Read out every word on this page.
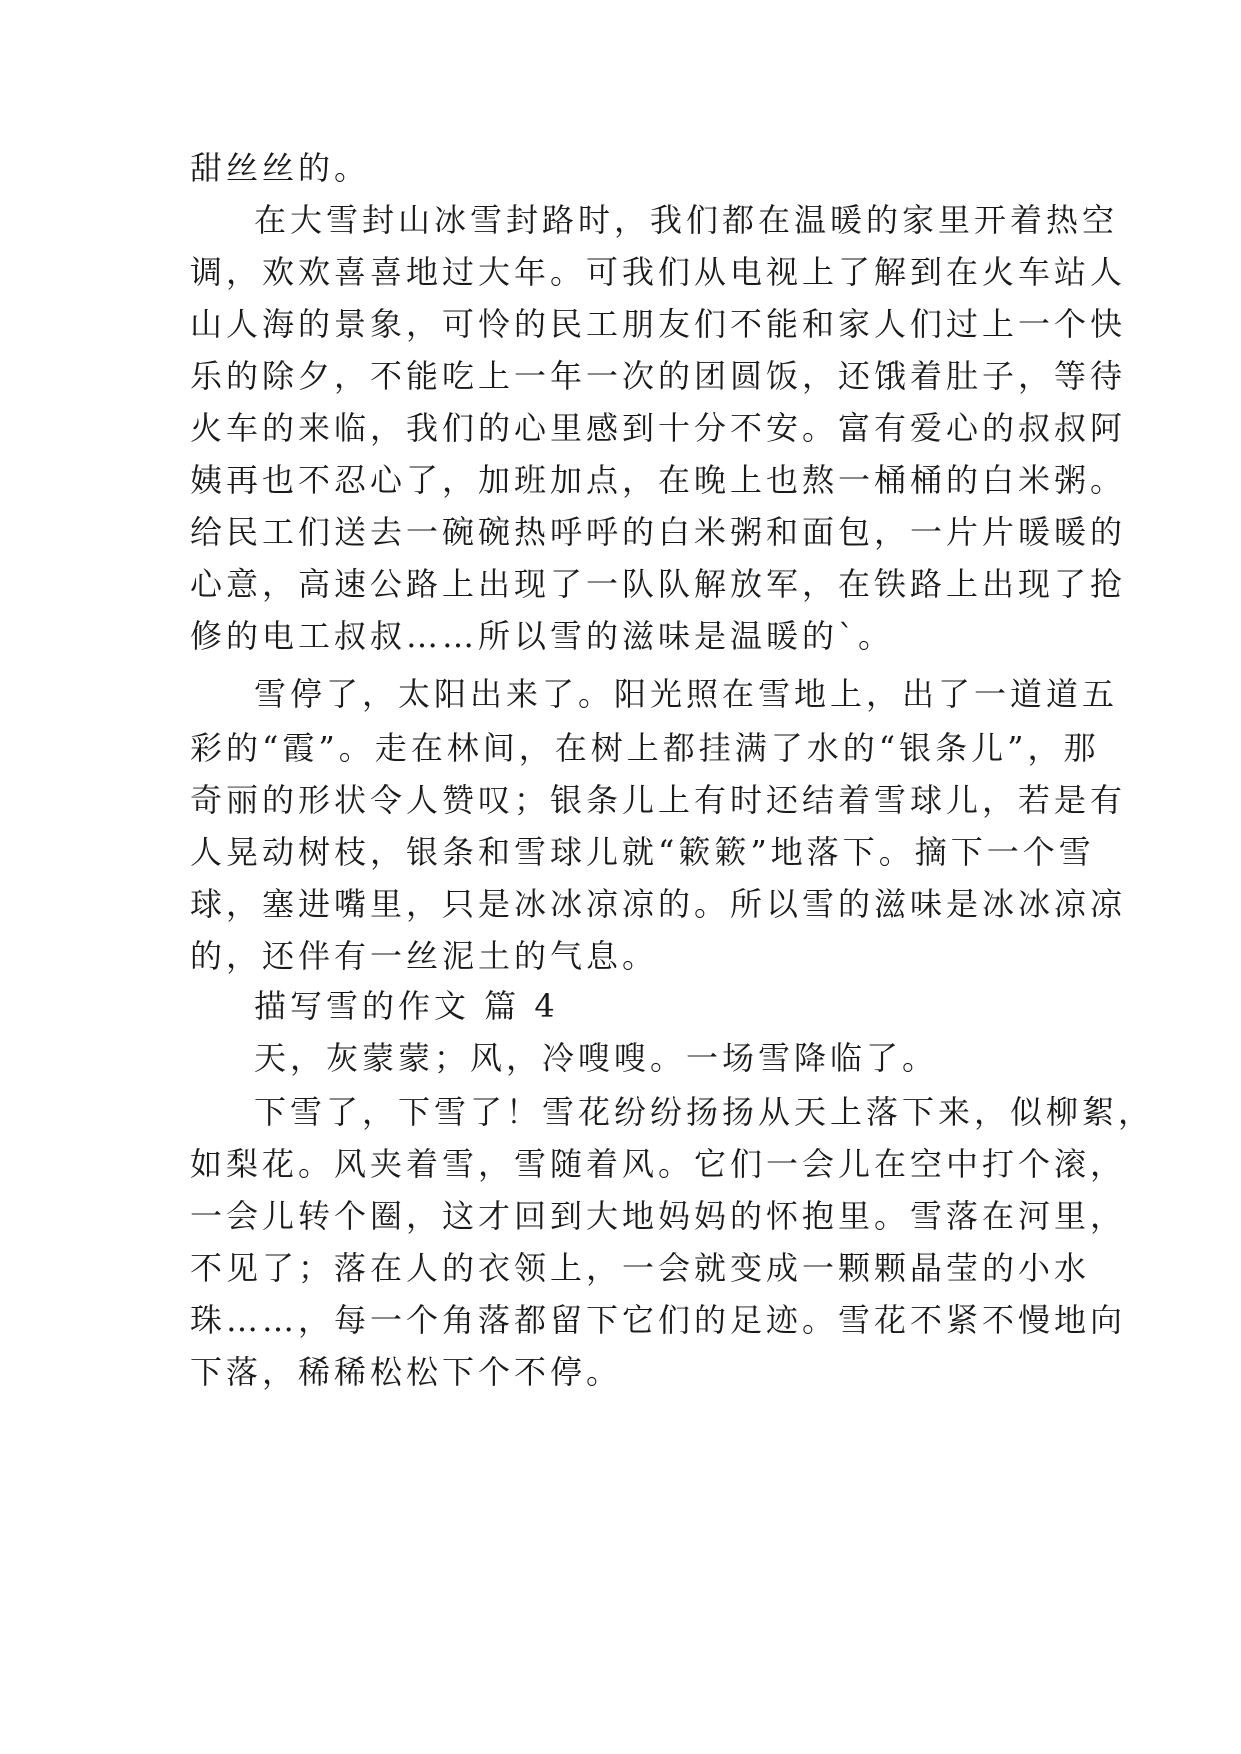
甜丝丝的。
在大雪封山冰雪封路时，我们都在温暖的家里开着热空
调，欢欢喜喜地过大年。可我们从电视上了解到在火车站人
山人海的景象，可怜的民工朋友们不能和家人们过上一个快
乐的除夕，不能吃上一年一次的团圆饭，还饿着肚子，等待
火车的来临，我们的心里感到十分不安。富有爱心的叔叔阿
姨再也不忍心了，加班加点，在晚上也熬一桶桶的白米粥。
给民工们送去一碗碗热呼呼的白米粥和面包，一片片暖暖的
心意，高速公路上出现了一队队解放军，在铁路上出现了抢
修的电工叔叔……所以雪的滋味是温暖的`。
雪停了，太阳出来了。阳光照在雪地上，出了一道道五
彩的“霞”。走在林间，在树上都挂满了水的“银条儿”，那
奇丽的形状令人赞叹；银条儿上有时还结着雪球儿，若是有
人晃动树枝，银条和雪球儿就“簌簌”地落下。摘下一个雪
球，塞进嘴里，只是冰冰凉凉的。所以雪的滋味是冰冰凉凉
的，还伴有一丝泥土的气息。
描写雪的作文 篇 4
天，灰蒙蒙；风，冷嗖嗖。一场雪降临了。
下雪了，下雪了！雪花纷纷扬扬从天上落下来，似柳絮，
如梨花。风夹着雪，雪随着风。它们一会儿在空中打个滚，
一会儿转个圈，这才回到大地妈妈的怀抱里。雪落在河里，
不见了；落在人的衣领上，一会就变成一颗颗晶莹的小水
珠……，每一个角落都留下它们的足迹。雪花不紧不慢地向
下落，稀稀松松下个不停。
